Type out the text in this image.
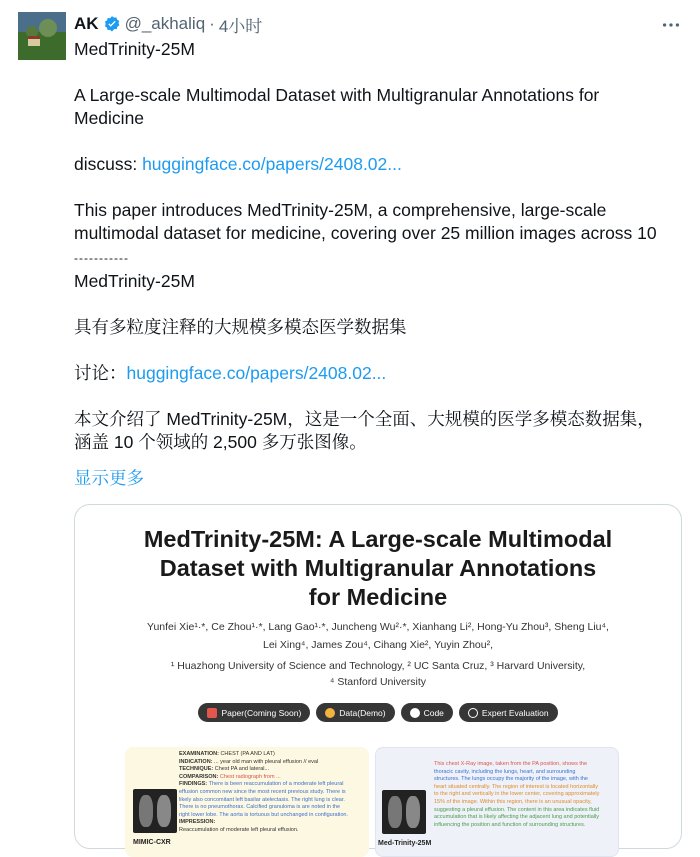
AK @_akhaliq · 4小时
MedTrinity-25M
A Large-scale Multimodal Dataset with Multigranular Annotations for
Medicine
discuss: huggingface.co/papers/2408.02...
This paper introduces MedTrinity-25M, a comprehensive, large-scale
multimodal dataset for medicine, covering over 25 million images across 10
-----------
MedTrinity-25M
具有多粒度注释的大规模多模态医学数据集
讨论：huggingface.co/papers/2408.02...
本文介绍了 MedTrinity-25M，这是一个全面、大规模的医学多模态数据集，
涵盖 10 个领域的 2,500 多万张图像。
显示更多
MedTrinity-25M: A Large-scale Multimodal
Dataset with Multigranular Annotations
for Medicine
Yunfei Xie¹·*, Ce Zhou¹·*, Lang Gao¹·*, Juncheng Wu²·*, Xianhang Li², Hong-Yu Zhou³, Sheng Liu⁴,
Lei Xing⁴, James Zou⁴, Cihang Xie², Yuyin Zhou²,
¹ Huazhong University of Science and Technology, ² UC Santa Cruz, ³ Harvard University,
⁴ Stanford University
Paper(Coming Soon)	Data(Demo)	Code	Expert Evaluation
MIMIC-CXR
EXAMINATION: CHEST (PA AND LAT)
INDICATION: ... year old man with pleural effusion // eval
TECHNIQUE: Chest PA and lateral...
COMPARISON: Chest radiograph from ...
FINDINGS: There is been reaccumulation of a moderate left pleural
effusion common new since the most recent previous study. There is
likely also concomitant left basilar atelectasis. The right lung is clear.
There is no pneumothorax. Calcified granuloma is are noted in the
right lower lobe. The aorta is tortuous but unchanged in configuration.
IMPRESSION:
Reaccumulation of moderate left pleural effusion.
Med-Trinity-25M
This chest X-Ray image, taken from the PA position, shows the
thoracic cavity, including the lungs, heart, and surrounding
structures. The lungs occupy the majority of the image, with the
heart situated centrally. The region of interest is located horizontally
to the right and vertically in the lower center, covering approximately
15% of the image. Within this region, there is an unusual opacity,
suggesting a pleural effusion. The content in this area indicates fluid
accumulation that is likely affecting the adjacent lung and potentially
influencing the position and function of surrounding structures.
